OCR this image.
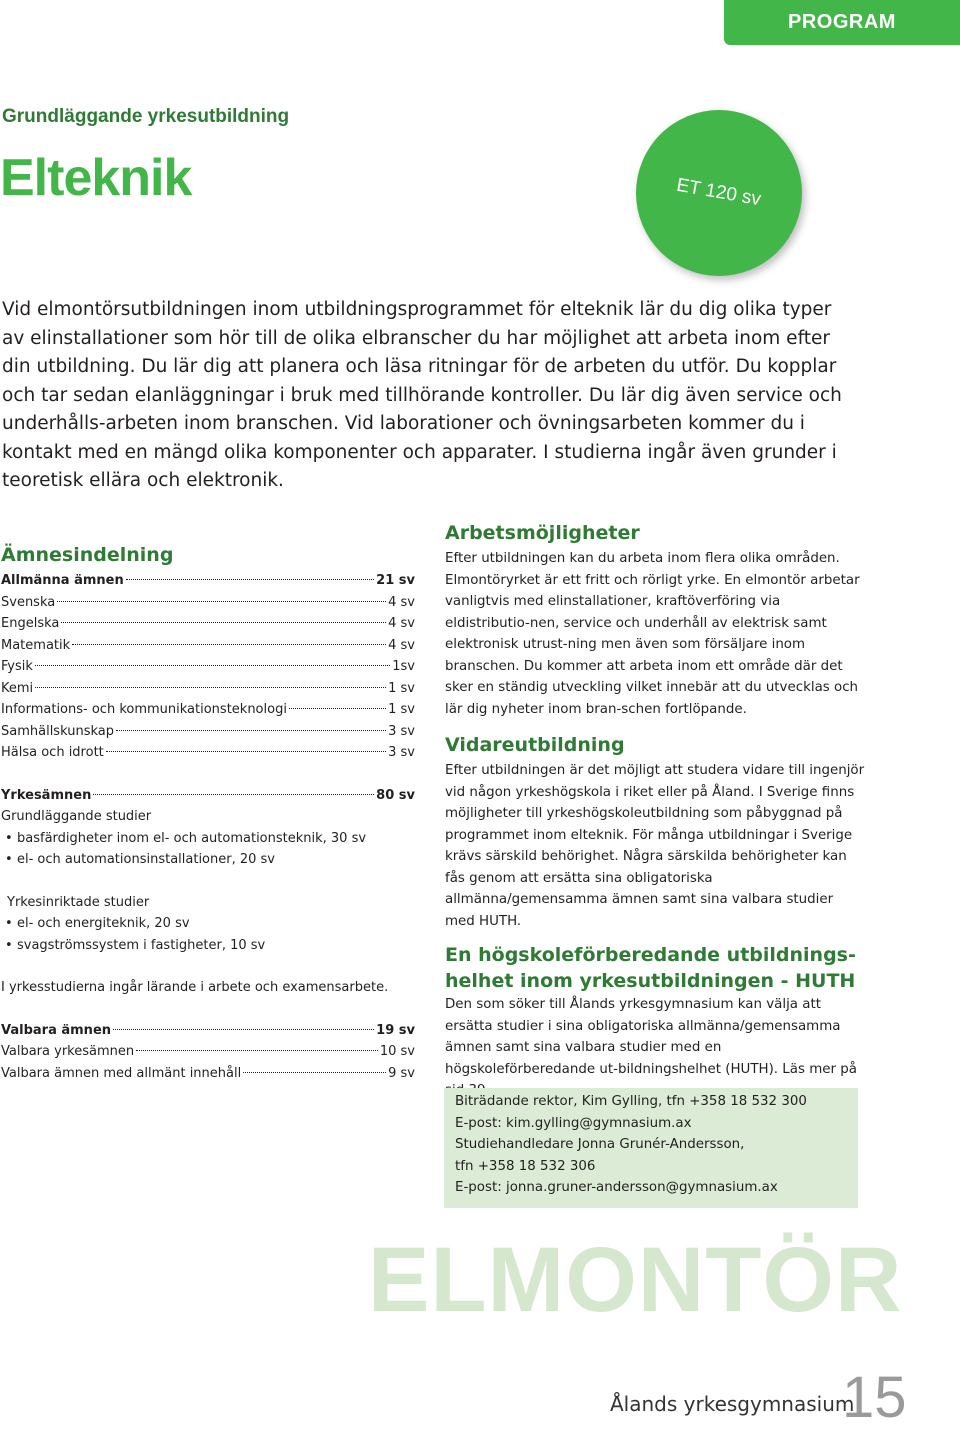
PROGRAM
Grundläggande yrkesutbildning
Elteknik	ET 120 sv

Vid elmontörsutbildningen inom utbildningsprogrammet för elteknik lär du dig olika typer av elinstallationer som hör till de olika elbranscher du har möjlighet att arbeta inom efter din utbildning. Du lär dig att planera och läsa ritningar för de arbeten du utför. Du kopplar och tar sedan elanläggningar i bruk med tillhörande kontroller. Du lär dig även service och underhålls-arbeten inom branschen. Vid laborationer och övningsarbeten kommer du i kontakt med en mängd olika komponenter och apparater. I studierna ingår även grunder i teoretisk ellära och elektronik.

Ämnesindelning
Allmänna ämnen	21 sv
Svenska	4 sv
Engelska	4 sv
Matematik	4 sv
Fysik	1sv
Kemi	1 sv
Informations- och kommunikationsteknologi	1 sv
Samhällskunskap	3 sv
Hälsa och idrott	3 sv
Yrkesämnen	80 sv
Grundläggande studier
• basfärdigheter inom el- och automationsteknik, 30 sv
• el- och automationsinstallationer, 20 sv
Yrkesinriktade studier
• el- och energiteknik, 20 sv
• svagströmssystem i fastigheter, 10 sv
I yrkesstudierna ingår lärande i arbete och examensarbete.
Valbara ämnen	19 sv
Valbara yrkesämnen	10 sv
Valbara ämnen med allmänt innehåll	9 sv
Arbetsmöjligheter

Efter utbildningen kan du arbeta inom flera olika områden. Elmontöryrket är ett fritt och rörligt yrke. En elmontör arbetar vanligtvis med elinstallationer, kraftöverföring via eldistributio-nen, service och underhåll av elektrisk samt elektronisk utrust-ning men även som försäljare inom branschen. Du kommer att arbeta inom ett område där det sker en ständig utveckling vilket innebär att du utvecklas och lär dig nyheter inom bran-schen fortlöpande.

Vidareutbildning

Efter utbildningen är det möjligt att studera vidare till ingenjör vid någon yrkeshögskola i riket eller på Åland. I Sverige finns möjligheter till yrkeshögskoleutbildning som påbyggnad på programmet inom elteknik. För många utbildningar i Sverige krävs särskild behörighet. Några särskilda behörigheter kan fås genom att ersätta sina obligatoriska allmänna/gemensamma ämnen samt sina valbara studier med HUTH.

En högskoleförberedande utbildnings-
helhet inom yrkesutbildningen - HUTH

Den som söker till Ålands yrkesgymnasium kan välja att ersätta studier i sina obligatoriska allmänna/gemensamma ämnen samt sina valbara studier med en högskoleförberedande ut-bildningshelhet (HUTH). Läs mer på

Biträdande rektor, Kim Gylling, tfn +358 18 532 300
E-post: kim.gylling@gymnasium.ax
Studiehandledare Jonna Grunér-Andersson,
tfn +358 18 532 306
E-post: jonna.gruner-andersson@gymnasium.ax
ELMONTÖR
Ålands yrkesgymnasium
15
